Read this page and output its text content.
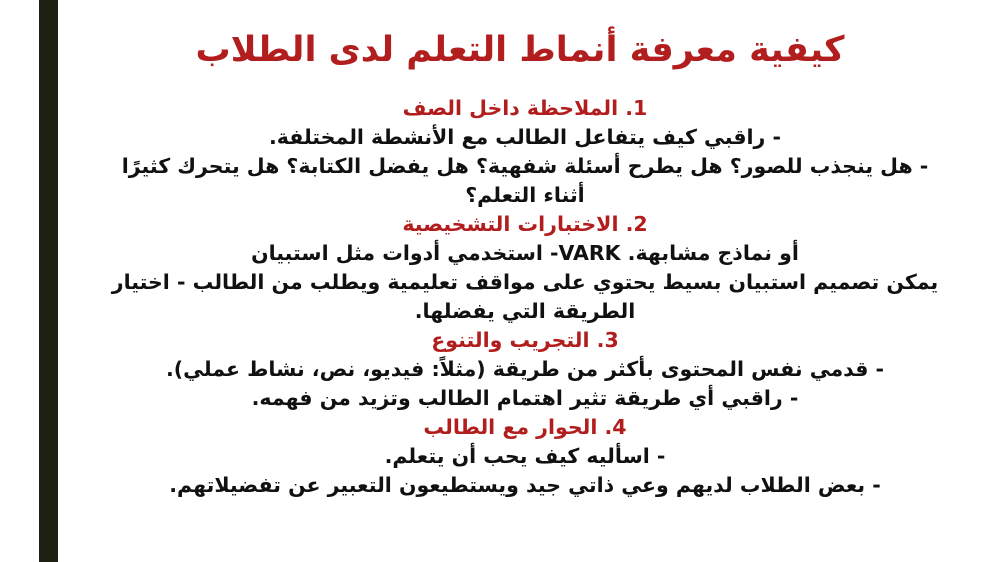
كيفية معرفة أنماط التعلم لدى الطلاب
1. الملاحظة داخل الصف
- راقبي كيف يتفاعل الطالب مع الأنشطة المختلفة.
- هل ينجذب للصور؟ هل يطرح أسئلة شفهية؟ هل يفضل الكتابة؟ هل يتحرك كثيرًا أثناء التعلم؟
2. الاختبارات التشخيصية
أو نماذج مشابهة. VARK- استخدمي أدوات مثل استبيان
يمكن تصميم استبيان بسيط يحتوي على مواقف تعليمية ويطلب من الطالب - اختيار الطريقة التي يفضلها.
3. التجريب والتنوع
- قدمي نفس المحتوى بأكثر من طريقة (مثلاً: فيديو، نص، نشاط عملي).
- راقبي أي طريقة تثير اهتمام الطالب وتزيد من فهمه.
4. الحوار مع الطالب
- اسأليه كيف يحب أن يتعلم.
- بعض الطلاب لديهم وعي ذاتي جيد ويستطيعون التعبير عن تفضيلاتهم.
